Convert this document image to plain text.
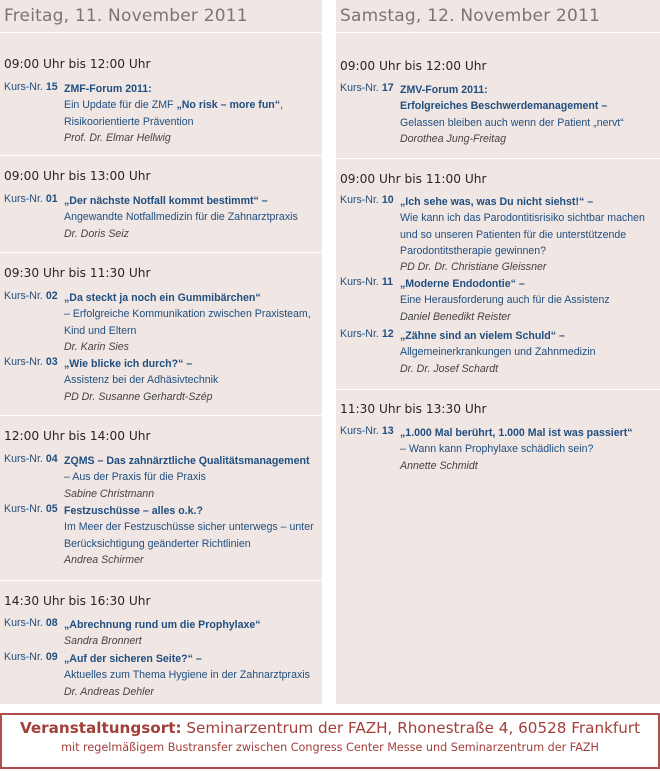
Freitag, 11. November 2011
09:00 Uhr bis 12:00 Uhr
Kurs-Nr. 15 ZMF-Forum 2011:
Ein Update für die ZMF „No risk – more fun“,
Risikoorientierte Prävention
Prof. Dr. Elmar Hellwig
09:00 Uhr bis 13:00 Uhr
Kurs-Nr. 01 „Der nächste Notfall kommt bestimmt“ –
Angewandte Notfallmedizin für die Zahnarztpraxis
Dr. Doris Seiz
09:30 Uhr bis 11:30 Uhr
Kurs-Nr. 02 „Da steckt ja noch ein Gummibärchen“
– Erfolgreiche Kommunikation zwischen Praxisteam,
Kind und Eltern
Dr. Karin Sies
Kurs-Nr. 03 „Wie blicke ich durch?“ –
Assistenz bei der Adhäsivtechnik
PD Dr. Susanne Gerhardt-Szép
12:00 Uhr bis 14:00 Uhr
Kurs-Nr. 04 ZQMS – Das zahnärztliche Qualitätsmanagement
– Aus der Praxis für die Praxis
Sabine Christmann
Kurs-Nr. 05 Festzuschüsse – alles o.k.?
Im Meer der Festzuschüsse sicher unterwegs – unter
Berücksichtigung geänderter Richtlinien
Andrea Schirmer
14:30 Uhr bis 16:30 Uhr
Kurs-Nr. 08 „Abrechnung rund um die Prophylaxe“
Sandra Bronnert
Kurs-Nr. 09 „Auf der sicheren Seite?“ –
Aktuelles zum Thema Hygiene in der Zahnarztpraxis
Dr. Andreas Dehler
Samstag, 12. November 2011
09:00 Uhr bis 12:00 Uhr
Kurs-Nr. 17 ZMV-Forum 2011:
Erfolgreiches Beschwerdemanagement –
Gelassen bleiben auch wenn der Patient „nervt“
Dorothea Jung-Freitag
09:00 Uhr bis 11:00 Uhr
Kurs-Nr. 10 „Ich sehe was, was Du nicht siehst!“ –
Wie kann ich das Parodontitisrisiko sichtbar machen
und so unseren Patienten für die unterstützende
Parodontitstherapie gewinnen?
PD Dr. Dr. Christiane Gleissner
Kurs-Nr. 11 „Moderne Endodontie“ –
Eine Herausforderung auch für die Assistenz
Daniel Benedikt Reister
Kurs-Nr. 12 „Zähne sind an vielem Schuld“ –
Allgemeinerkrankungen und Zahnmedizin
Dr. Dr. Josef Schardt
11:30 Uhr bis 13:30 Uhr
Kurs-Nr. 13 „1.000 Mal berührt, 1.000 Mal ist was passiert“
– Wann kann Prophylaxe schädlich sein?
Annette Schmidt
Veranstaltungsort: Seminarzentrum der FAZH, Rhonestraße 4, 60528 Frankfurt
mit regelmäßigem Bustransfer zwischen Congress Center Messe und Seminarzentrum der FAZH
